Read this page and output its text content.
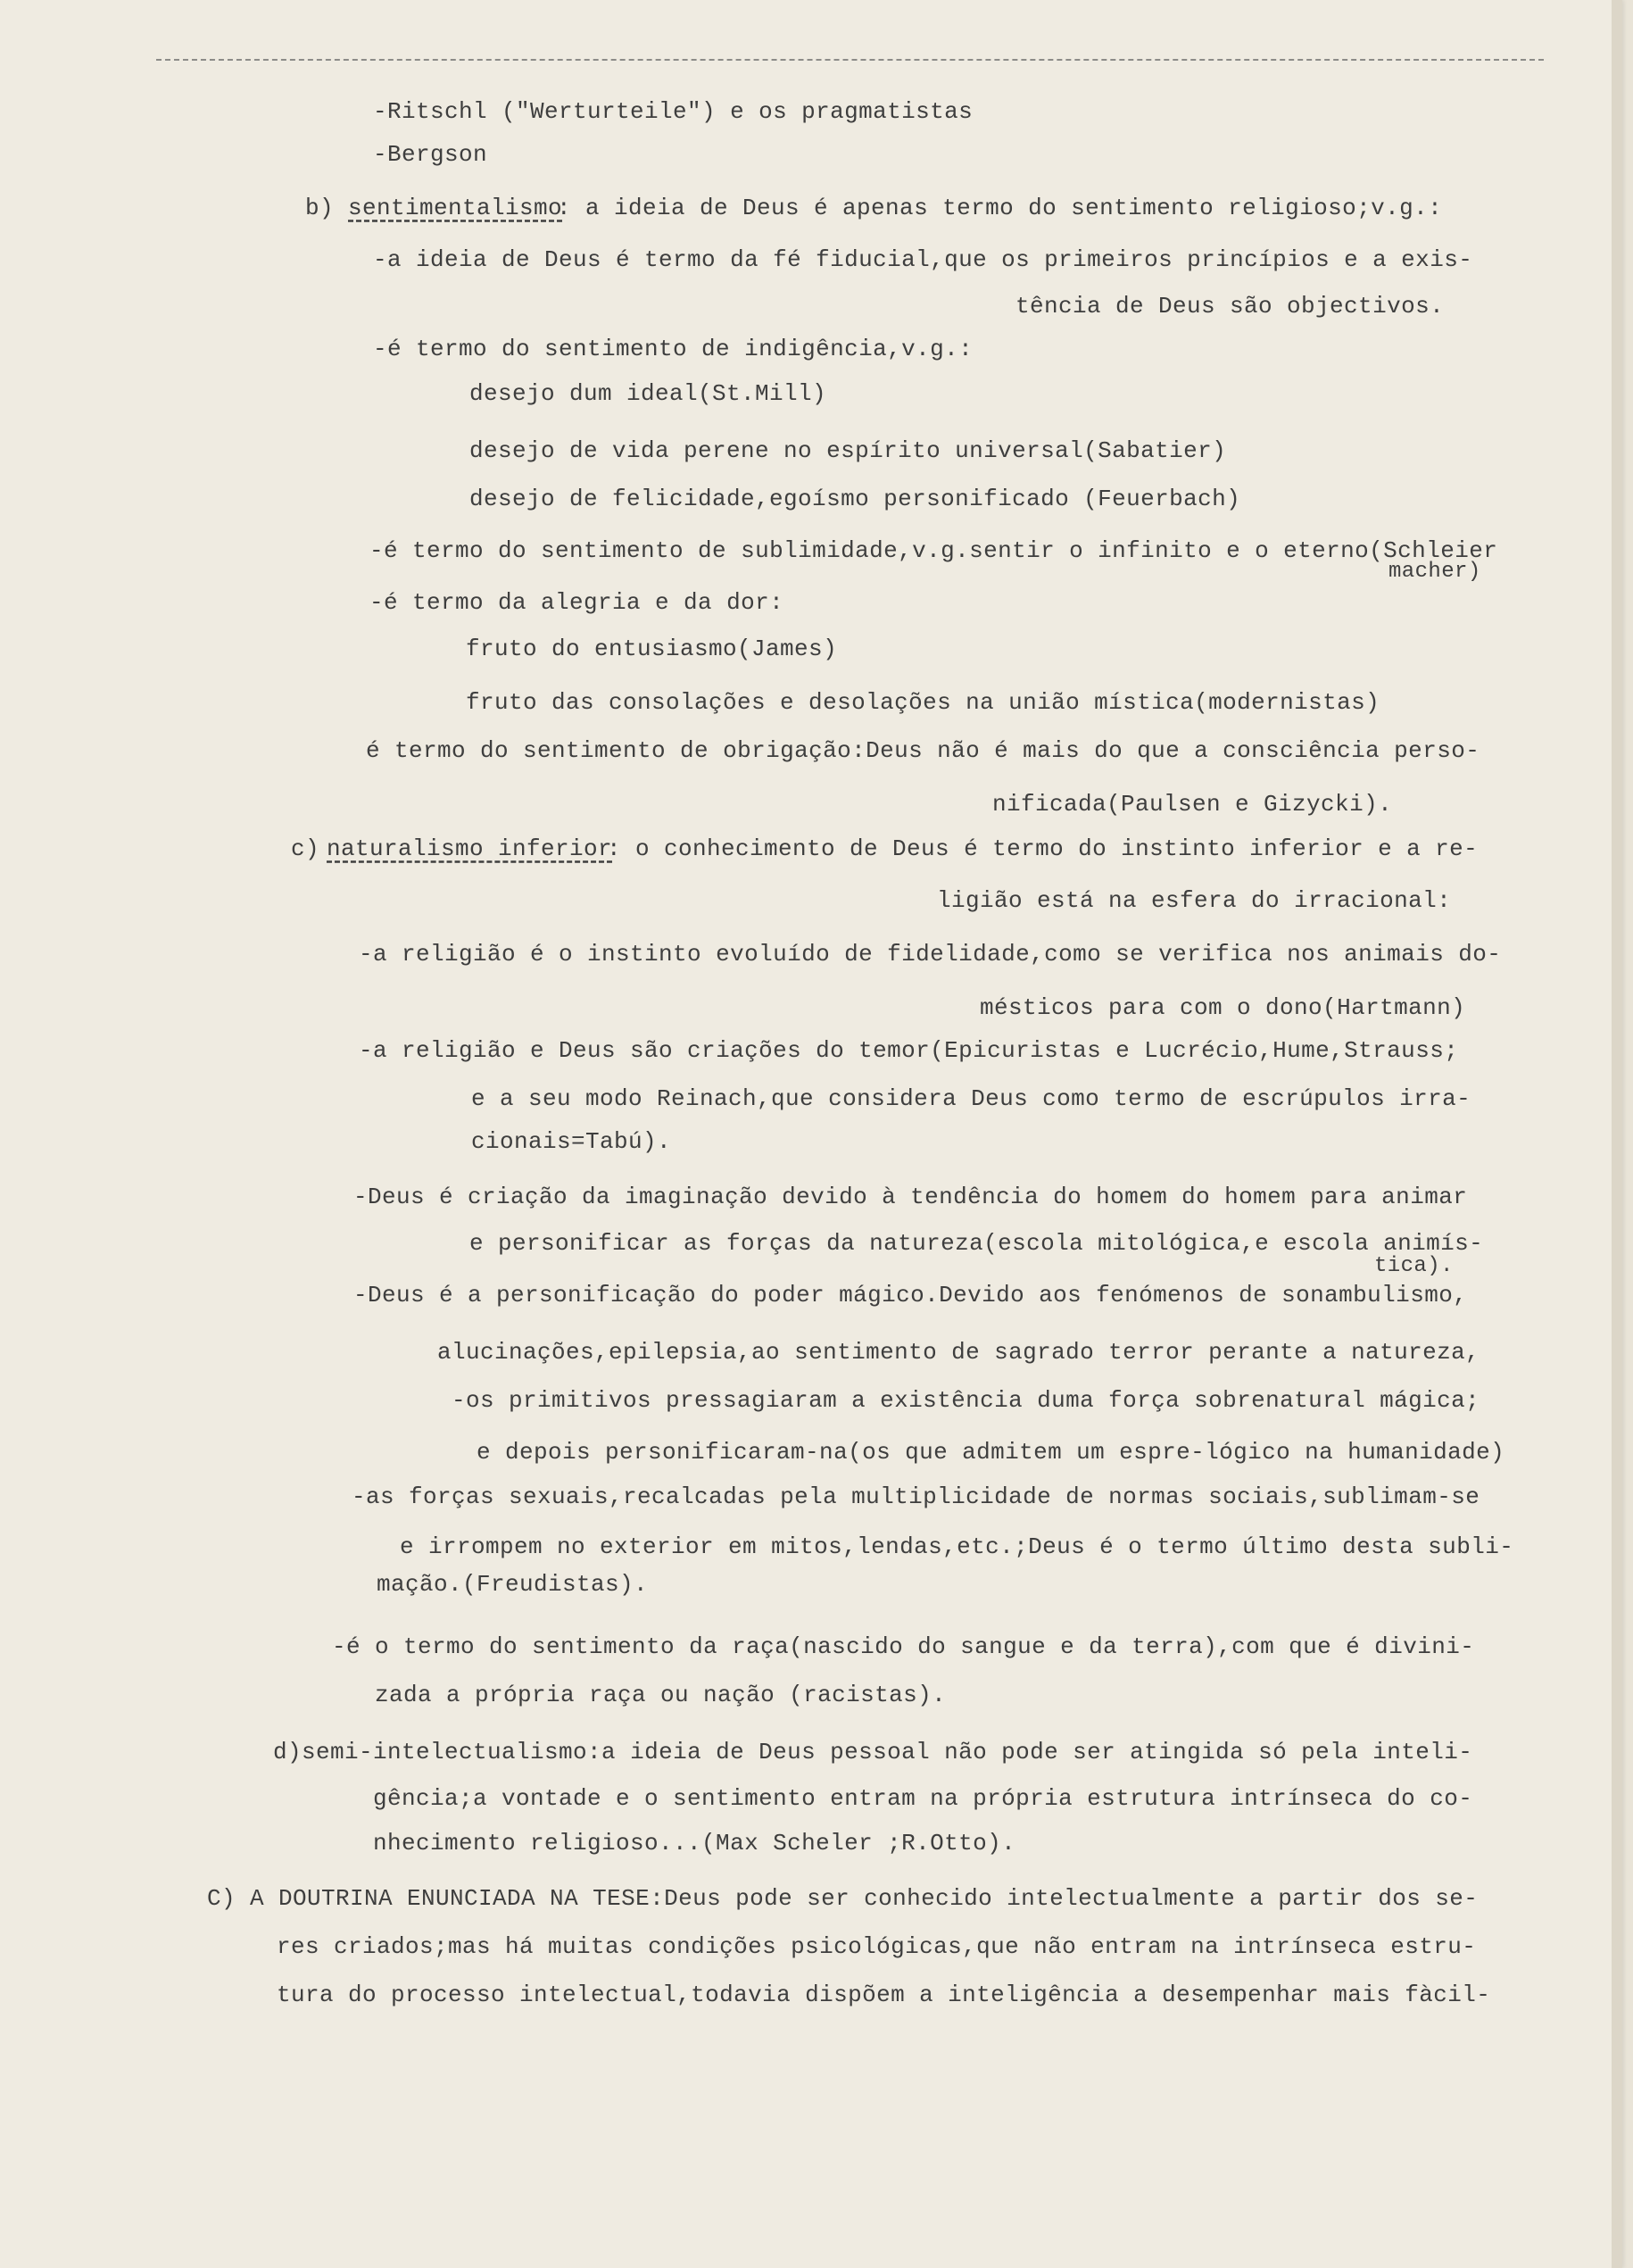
-Ritschl ("Werturteile") e os pragmatistas
-Bergson
b) sentimentalismo
: a ideia de Deus é apenas termo do sentimento religioso;v.g.:
-a ideia de Deus é termo da fé fiducial,que os primeiros princípios e a exis-
tência de Deus são objectivos.
-é termo do sentimento de indigência,v.g.:
desejo dum ideal(St.Mill)
desejo de vida perene no espírito universal(Sabatier)
desejo de felicidade,egoísmo personificado (Feuerbach)
-é termo do sentimento de sublimidade,v.g.sentir o infinito e o eterno(Schleier
macher)
-é termo da alegria e da dor:
fruto do entusiasmo(James)
fruto das consolações e desolações na união mística(modernistas)
é termo do sentimento de obrigação:Deus não é mais do que a consciência perso-
nificada(Paulsen e Gizycki).
c) naturalismo inferior
: o conhecimento de Deus é termo do instinto inferior e a re-
ligião está na esfera do irracional:
-a religião é o instinto evoluído de fidelidade,como se verifica nos animais do-
mésticos para com o dono(Hartmann)
-a religião e Deus são criações do temor(Epicuristas e Lucrécio,Hume,Strauss;
e a seu modo Reinach,que considera Deus como termo de escrúpulos irra-
cionais=Tabú).
-Deus é criação da imaginação devido à tendência do homem do homem para animar
e personificar as forças da natureza(escola mitológica,e escola animís-
tica).
-Deus é a personificação do poder mágico.Devido aos fenómenos de sonambulismo,
alucinações,epilepsia,ao sentimento de sagrado terror perante a natureza,
-os primitivos pressagiaram a existência duma força sobrenatural mágica;
e depois personificaram-na(os que admitem um espre-lógico na humanidade)
-as forças sexuais,recalcadas pela multiplicidade de normas sociais,sublimam-se
e irrompem no exterior em mitos,lendas,etc.;Deus é o termo último desta subli-
mação.(Freudistas).
-é o termo do sentimento da raça(nascido do sangue e da terra),com que é divini-
zada a própria raça ou nação (racistas).
d)semi-intelectualismo:a ideia de Deus pessoal não pode ser atingida só pela inteli-
gência;a vontade e o sentimento entram na própria estrutura intrínseca do co-
nhecimento religioso...(Max Scheler ;R.Otto).
C) A DOUTRINA ENUNCIADA NA TESE:Deus pode ser conhecido intelectualmente a partir dos se-
res criados;mas há muitas condições psicológicas,que não entram na intrínseca estru-
tura do processo intelectual,todavia dispõem a inteligência a desempenhar mais fàcil-
